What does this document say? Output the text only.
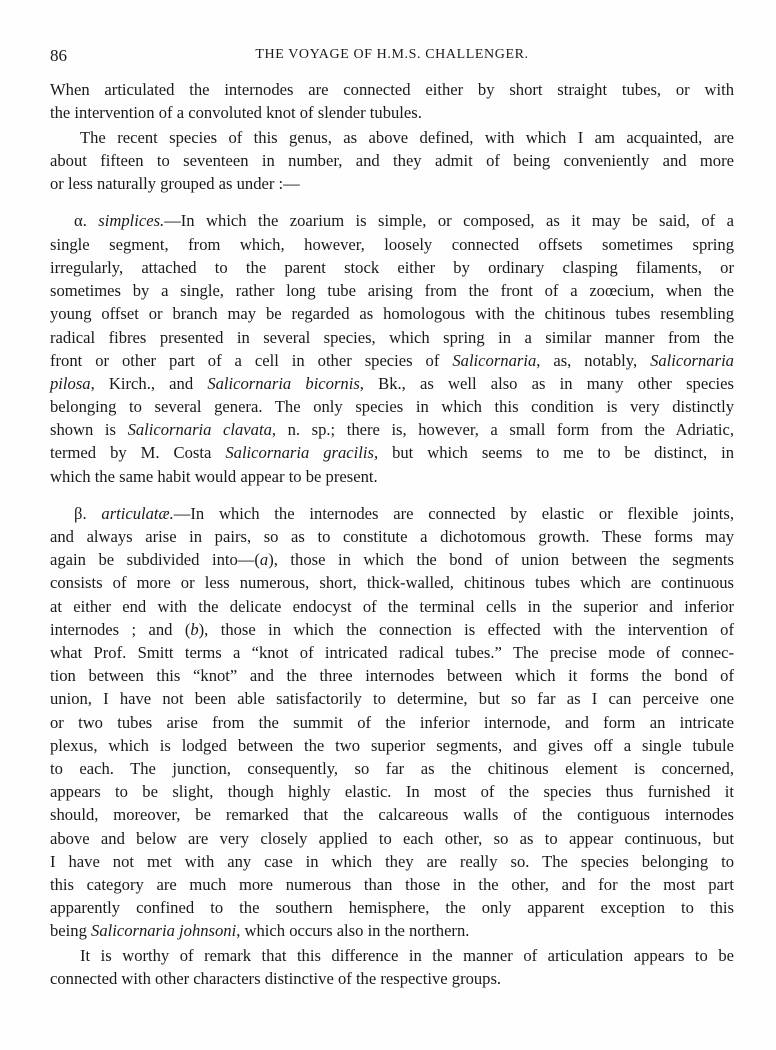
86	THE VOYAGE OF H.M.S. CHALLENGER.
When articulated the internodes are connected either by short straight tubes, or with
the intervention of a convoluted knot of slender tubules.
The recent species of this genus, as above defined, with which I am acquainted, are
about fifteen to seventeen in number, and they admit of being conveniently and more
or less naturally grouped as under :—
α. simplices.—In which the zoarium is simple, or composed, as it may be said, of a
single segment, from which, however, loosely connected offsets sometimes spring
irregularly, attached to the parent stock either by ordinary clasping filaments, or
sometimes by a single, rather long tube arising from the front of a zoœcium, when the
young offset or branch may be regarded as homologous with the chitinous tubes resembling
radical fibres presented in several species, which spring in a similar manner from the
front or other part of a cell in other species of Salicornaria, as, notably, Salicornaria
pilosa, Kirch., and Salicornaria bicornis, Bk., as well also as in many other species
belonging to several genera. The only species in which this condition is very distinctly
shown is Salicornaria clavata, n. sp.; there is, however, a small form from the Adriatic,
termed by M. Costa Salicornaria gracilis, but which seems to me to be distinct, in
which the same habit would appear to be present.
β. articulatæ.—In which the internodes are connected by elastic or flexible joints,
and always arise in pairs, so as to constitute a dichotomous growth. These forms may
again be subdivided into—(a), those in which the bond of union between the segments
consists of more or less numerous, short, thick-walled, chitinous tubes which are continuous
at either end with the delicate endocyst of the terminal cells in the superior and inferior
internodes ; and (b), those in which the connection is effected with the intervention of
what Prof. Smitt terms a “knot of intricated radical tubes.” The precise mode of connec-
tion between this “knot” and the three internodes between which it forms the bond of
union, I have not been able satisfactorily to determine, but so far as I can perceive one
or two tubes arise from the summit of the inferior internode, and form an intricate
plexus, which is lodged between the two superior segments, and gives off a single tubule
to each. The junction, consequently, so far as the chitinous element is concerned,
appears to be slight, though highly elastic. In most of the species thus furnished it
should, moreover, be remarked that the calcareous walls of the contiguous internodes
above and below are very closely applied to each other, so as to appear continuous, but
I have not met with any case in which they are really so. The species belonging to
this category are much more numerous than those in the other, and for the most part
apparently confined to the southern hemisphere, the only apparent exception to this
being Salicornaria johnsoni, which occurs also in the northern.
It is worthy of remark that this difference in the manner of articulation appears to be
connected with other characters distinctive of the respective groups.
